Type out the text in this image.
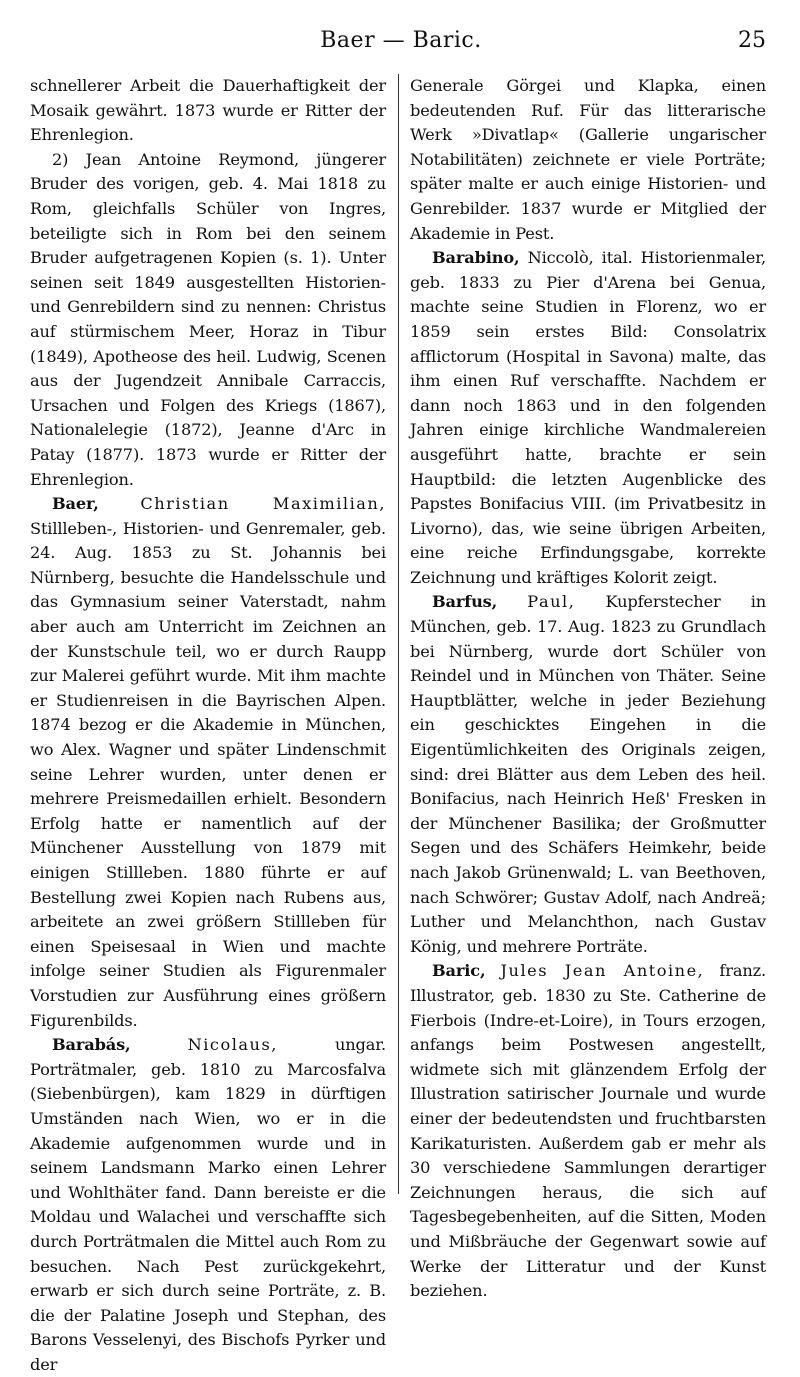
Baer — Baric.	25

schnellerer Arbeit die Dauerhaftigkeit der Mosaik gewährt. 1873 wurde er Ritter der Ehrenlegion.

2) Jean Antoine Reymond, jüngerer Bruder des vorigen, geb. 4. Mai 1818 zu Rom, gleichfalls Schüler von Ingres, beteiligte sich in Rom bei den seinem Bruder aufgetragenen Kopien (s. 1). Unter seinen seit 1849 ausgestellten Historien- und Genrebildern sind zu nennen: Christus auf stürmischem Meer, Horaz in Tibur (1849), Apotheose des heil. Ludwig, Scenen aus der Jugendzeit Annibale Carraccis, Ursachen und Folgen des Kriegs (1867), Nationalelegie (1872), Jeanne d'Arc in Patay (1877). 1873 wurde er Ritter der Ehrenlegion.

Baer,	Christian Maximilian, Stillleben-, Historien- und Genremaler, geb. 24. Aug. 1853 zu St. Johannis bei Nürnberg, besuchte die Handelsschule und das Gymnasium seiner Vaterstadt, nahm aber auch am Unterricht im Zeichnen an der Kunstschule teil, wo er durch Raupp zur Malerei geführt wurde. Mit ihm machte er Studienreisen in die Bayrischen Alpen. 1874 bezog er die Akademie in München, wo Alex. Wagner und später Lindenschmit seine Lehrer wurden, unter denen er mehrere Preismedaillen erhielt. Besondern Erfolg hatte er namentlich auf der Münchener Ausstellung von 1879 mit einigen Stillleben. 1880 führte er auf Bestellung zwei Kopien nach Rubens aus, arbeitete an zwei größern Stillleben für einen Speisesaal in Wien und machte infolge seiner Studien als Figurenmaler Vorstudien zur Ausführung eines größern Figurenbilds.

Barabás,	Nicolaus,	ungar. Porträtmaler, geb. 1810 zu Marcosfalva (Siebenbürgen), kam 1829 in dürftigen Umständen nach Wien, wo er in die Akademie aufgenommen wurde und in seinem Landsmann Marko einen Lehrer und Wohlthäter fand. Dann bereiste er die Moldau und Walachei und verschaffte sich durch Porträtmalen die Mittel auch Rom zu besuchen. Nach Pest zurückgekehrt, erwarb er sich durch seine Porträte, z. B. die der Palatine Joseph und Stephan, des Barons Vesselenyi, des Bischofs Pyrker und der

Generale Görgei und Klapka, einen bedeutenden Ruf. Für das litterarische Werk »Divatlap« (Gallerie ungarischer Notabilitäten) zeichnete er viele Porträte; später malte er auch einige Historien- und Genrebilder. 1837 wurde er Mitglied der Akademie in Pest.

Barabino, Niccolò, ital. Historienmaler, geb. 1833 zu Pier d'Arena bei Genua, machte seine Studien in Florenz, wo er 1859 sein erstes Bild: Consolatrix afflictorum (Hospital in Savona) malte, das ihm einen Ruf verschaffte. Nachdem er dann noch 1863 und in den folgenden Jahren einige kirchliche Wandmalereien ausgeführt hatte, brachte er sein Hauptbild: die letzten Augenblicke des Papstes Bonifacius VIII. (im Privatbesitz in Livorno), das, wie seine übrigen Arbeiten, eine reiche Erfindungsgabe, korrekte Zeichnung und kräftiges Kolorit zeigt.

Barfus, Paul, Kupferstecher in München, geb. 17. Aug. 1823 zu Grundlach bei Nürnberg, wurde dort Schüler von Reindel und in München von Thäter. Seine Hauptblätter, welche in jeder Beziehung ein geschicktes Eingehen in die Eigentümlichkeiten des Originals zeigen, sind: drei Blätter aus dem Leben des heil. Bonifacius, nach Heinrich Heß' Fresken in der Münchener Basilika; der Großmutter Segen und des Schäfers Heimkehr, beide nach Jakob Grünenwald; L. van Beethoven, nach Schwörer; Gustav Adolf, nach Andreä; Luther und Melanchthon, nach Gustav König, und mehrere Porträte.

Baric, Jules Jean Antoine, franz. Illustrator, geb. 1830 zu Ste. Catherine de Fierbois (Indre-et-Loire), in Tours erzogen, anfangs beim Postwesen angestellt, widmete sich mit glänzendem Erfolg der Illustration satirischer Journale und wurde einer der bedeutendsten und fruchtbarsten Karikaturisten. Außerdem gab er mehr als 30 verschiedene Sammlungen derartiger Zeichnungen heraus, die sich auf Tagesbegebenheiten, auf die Sitten, Moden und Mißbräuche der Gegenwart sowie auf Werke der Litteratur und der Kunst beziehen.
